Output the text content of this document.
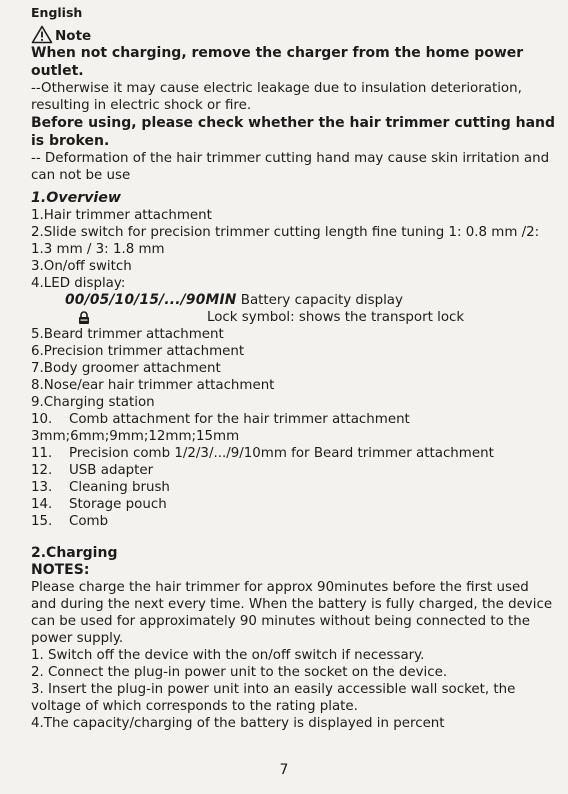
English
Note
When not charging, remove the charger from the home power outlet.
--Otherwise it may cause electric leakage due to insulation deterioration, resulting in electric shock or fire.
Before using, please check whether the hair trimmer cutting hand is broken.
-- Deformation of the hair trimmer cutting hand may cause skin irritation and can not be use
1.Overview
1.Hair trimmer attachment
2.Slide switch for precision trimmer cutting length fine tuning 1: 0.8 mm /2: 1.3 mm / 3: 1.8 mm
3.On/off switch
4.LED display:
00/05/10/15/.../90MIN Battery capacity display
Lock symbol: shows the transport lock
5.Beard trimmer attachment
6.Precision trimmer attachment
7.Body groomer attachment
8.Nose/ear hair trimmer attachment
9.Charging station
10. Comb attachment for the hair trimmer attachment
3mm;6mm;9mm;12mm;15mm
11. Precision comb 1/2/3/.../9/10mm for Beard trimmer attachment
12. USB adapter
13. Cleaning brush
14. Storage pouch
15. Comb
2.Charging
NOTES:
Please charge the hair trimmer for approx 90minutes before the first used and during the next every time. When the battery is fully charged, the device can be used for approximately 90 minutes without being connected to the power supply.
1. Switch off the device with the on/off switch if necessary.
2. Connect the plug-in power unit to the socket on the device.
3. Insert the plug-in power unit into an easily accessible wall socket, the voltage of which corresponds to the rating plate.
4.The capacity/charging of the battery is displayed in percent
7
